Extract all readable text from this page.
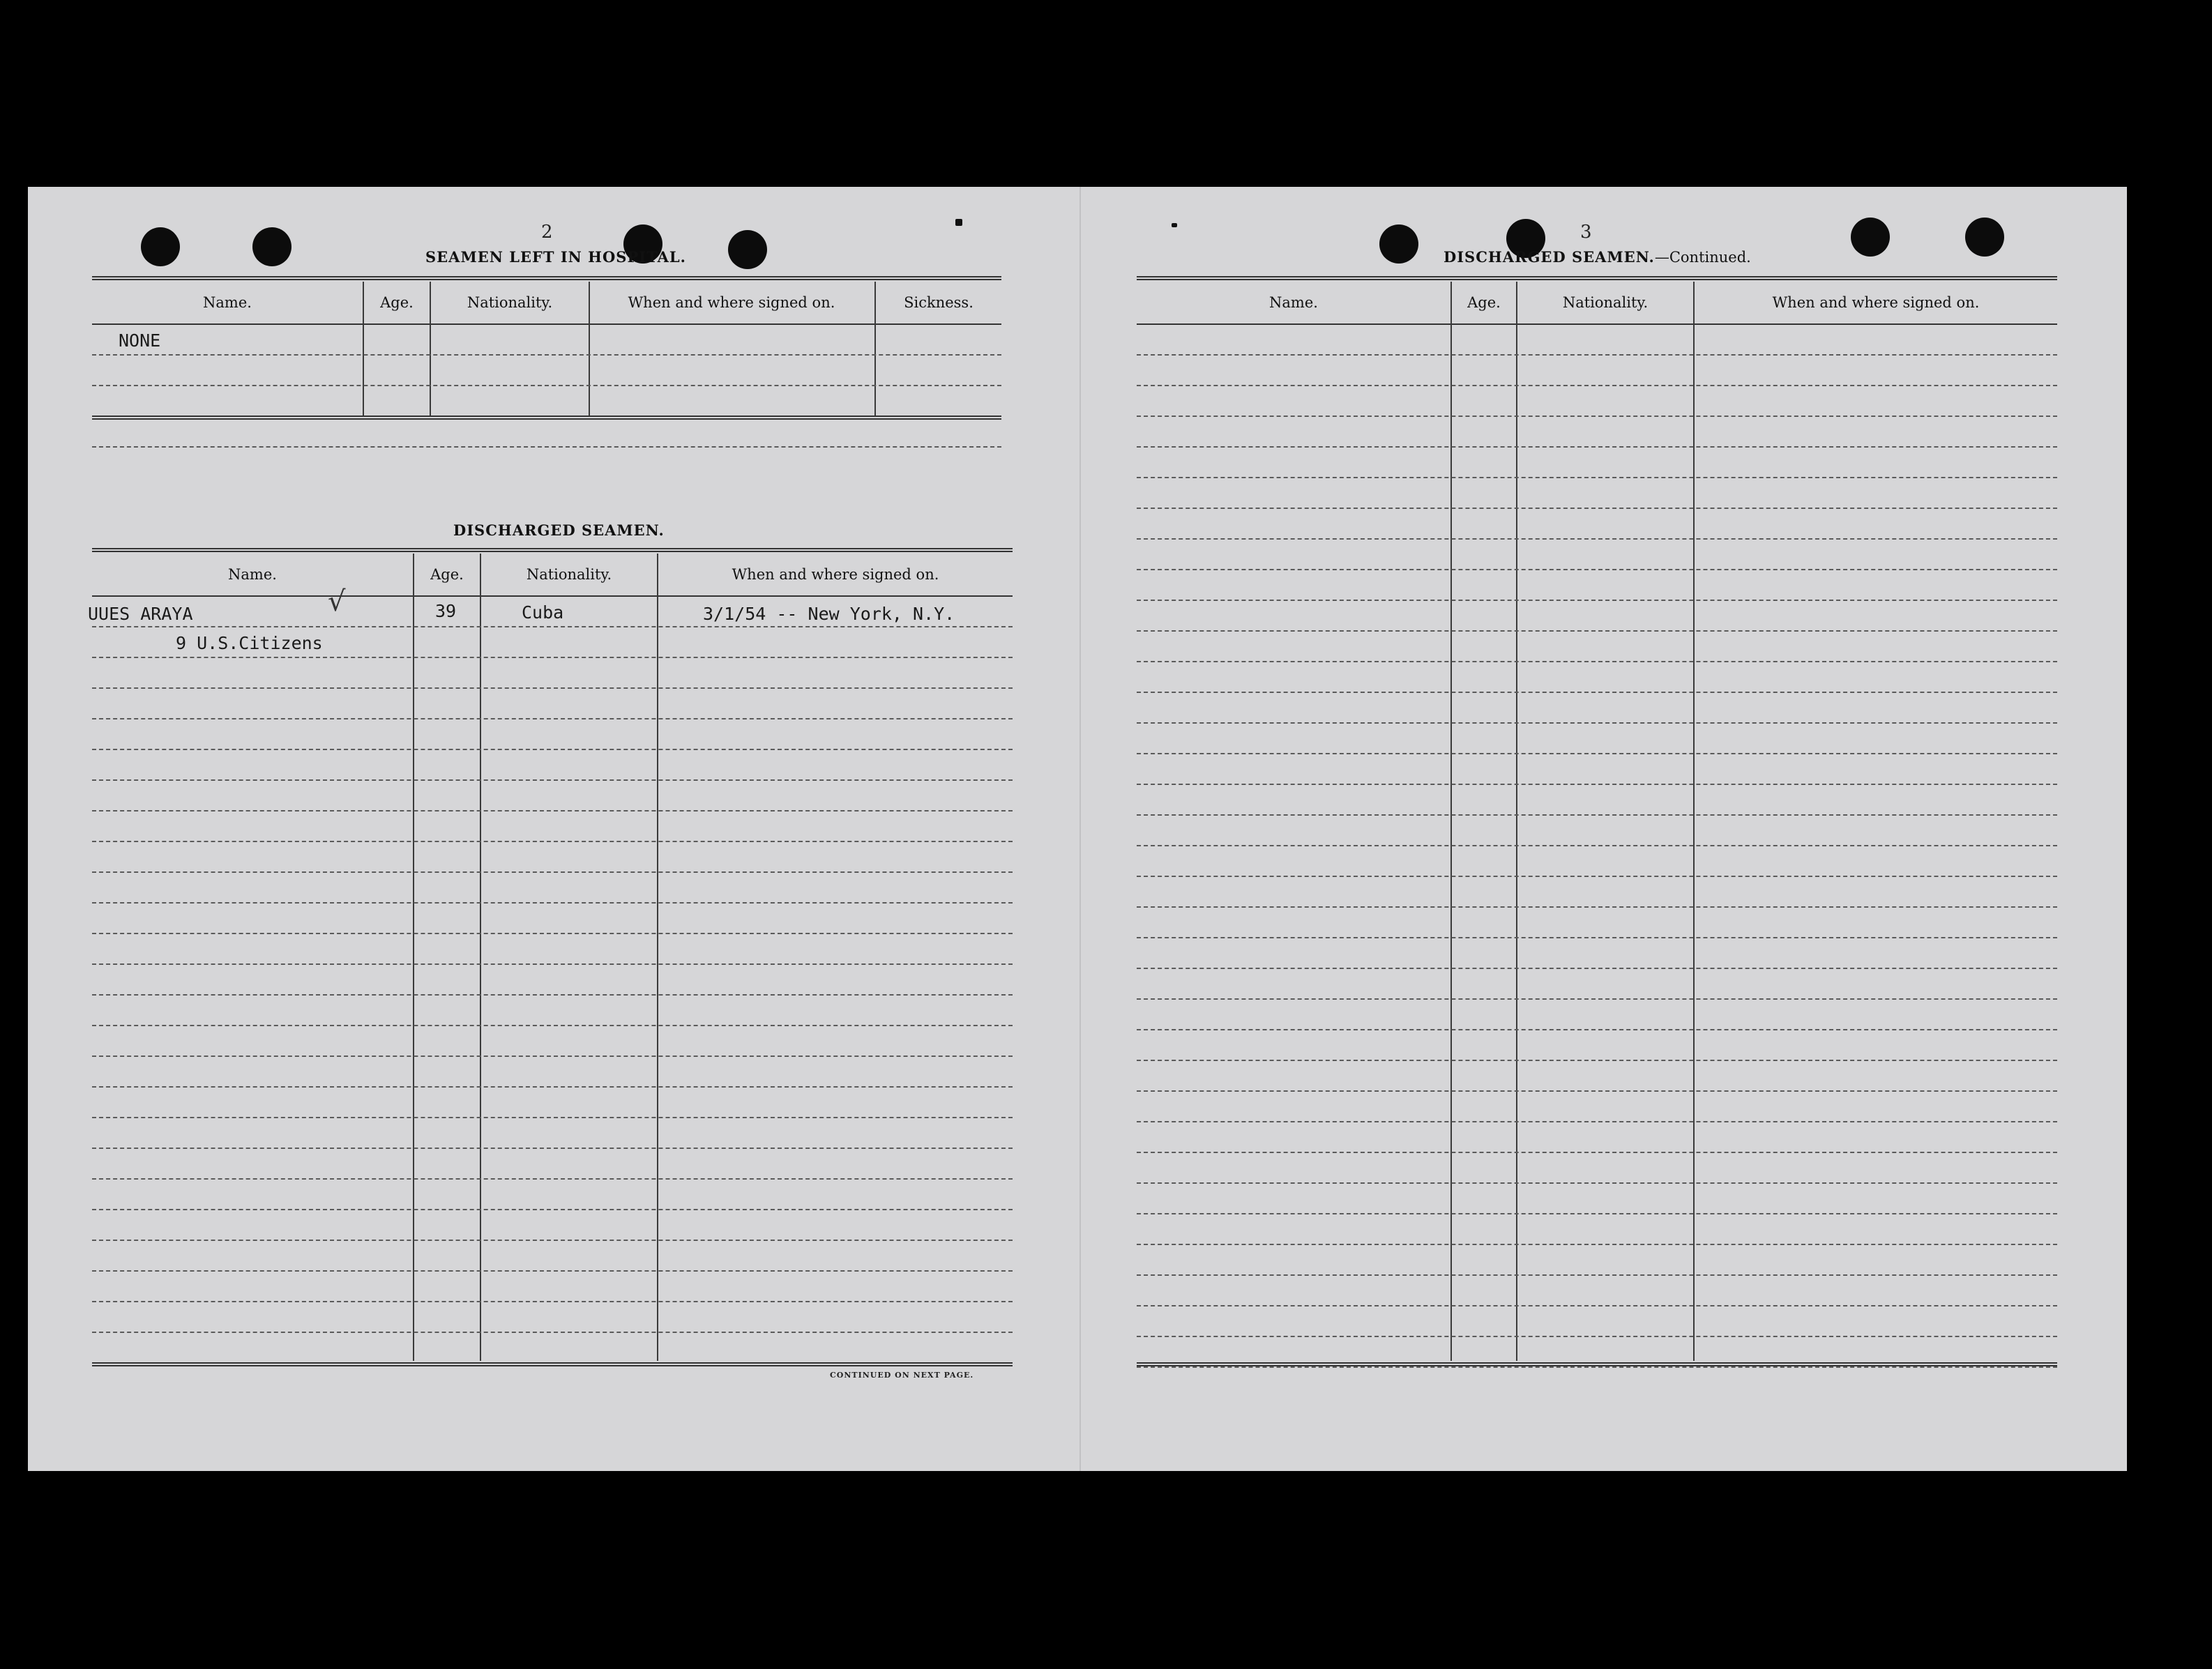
2
SEAMEN LEFT IN HOSPITAL.
Name.	Age.	Nationality.	When and where signed on.	Sickness.
NONE
DISCHARGED SEAMEN.
Name.	Age.	Nationality.	When and where signed on.
UUES ARAYA	√	39	Cuba	3/1/54 -- New York, N.Y.
9 U.S.Citizens
CONTINUED ON NEXT PAGE.
3
DISCHARGED SEAMEN.—Continued.
Name.	Age.	Nationality.	When and where signed on.
